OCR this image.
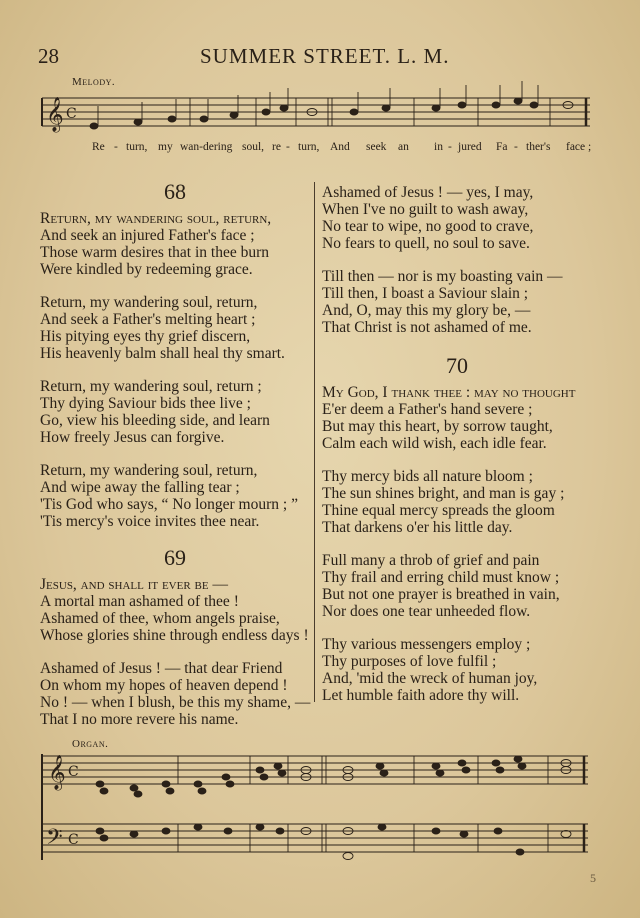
28	SUMMER STREET. L. M.
Melody.
𝄞 C
Re - turn, my wan-dering soul, re - turn, And seek an in - jured Fa - ther's face ;
68
Return, my wandering soul, return,
And seek an injured Father's face ;
Those warm desires that in thee burn
Were kindled by redeeming grace.
Return, my wandering soul, return,
And seek a Father's melting heart ;
His pitying eyes thy grief discern,
His heavenly balm shall heal thy smart.
Return, my wandering soul, return ;
Thy dying Saviour bids thee live ;
Go, view his bleeding side, and learn
How freely Jesus can forgive.
Return, my wandering soul, return,
And wipe away the falling tear ;
'Tis God who says, “ No longer mourn ; ”
'Tis mercy's voice invites thee near.
69
Jesus, and shall it ever be —
A mortal man ashamed of thee !
Ashamed of thee, whom angels praise,
Whose glories shine through endless days !
Ashamed of Jesus ! — that dear Friend
On whom my hopes of heaven depend !
No ! — when I blush, be this my shame, —
That I no more revere his name.
Ashamed of Jesus ! — yes, I may,
When I've no guilt to wash away,
No tear to wipe, no good to crave,
No fears to quell, no soul to save.
Till then — nor is my boasting vain —
Till then, I boast a Saviour slain ;
And, O, may this my glory be, —
That Christ is not ashamed of me.
70
My God, I thank thee : may no thought
E'er deem a Father's hand severe ;
But may this heart, by sorrow taught,
Calm each wild wish, each idle fear.
Thy mercy bids all nature bloom ;
The sun shines bright, and man is gay ;
Thine equal mercy spreads the gloom
That darkens o'er his little day.
Full many a throb of grief and pain
Thy frail and erring child must know ;
But not one prayer is breathed in vain,
Nor does one tear unheeded flow.
Thy various messengers employ ;
Thy purposes of love fulfil ;
And, 'mid the wreck of human joy,
Let humble faith adore thy will.
Organ.
𝄞 C
𝄢 C
5
